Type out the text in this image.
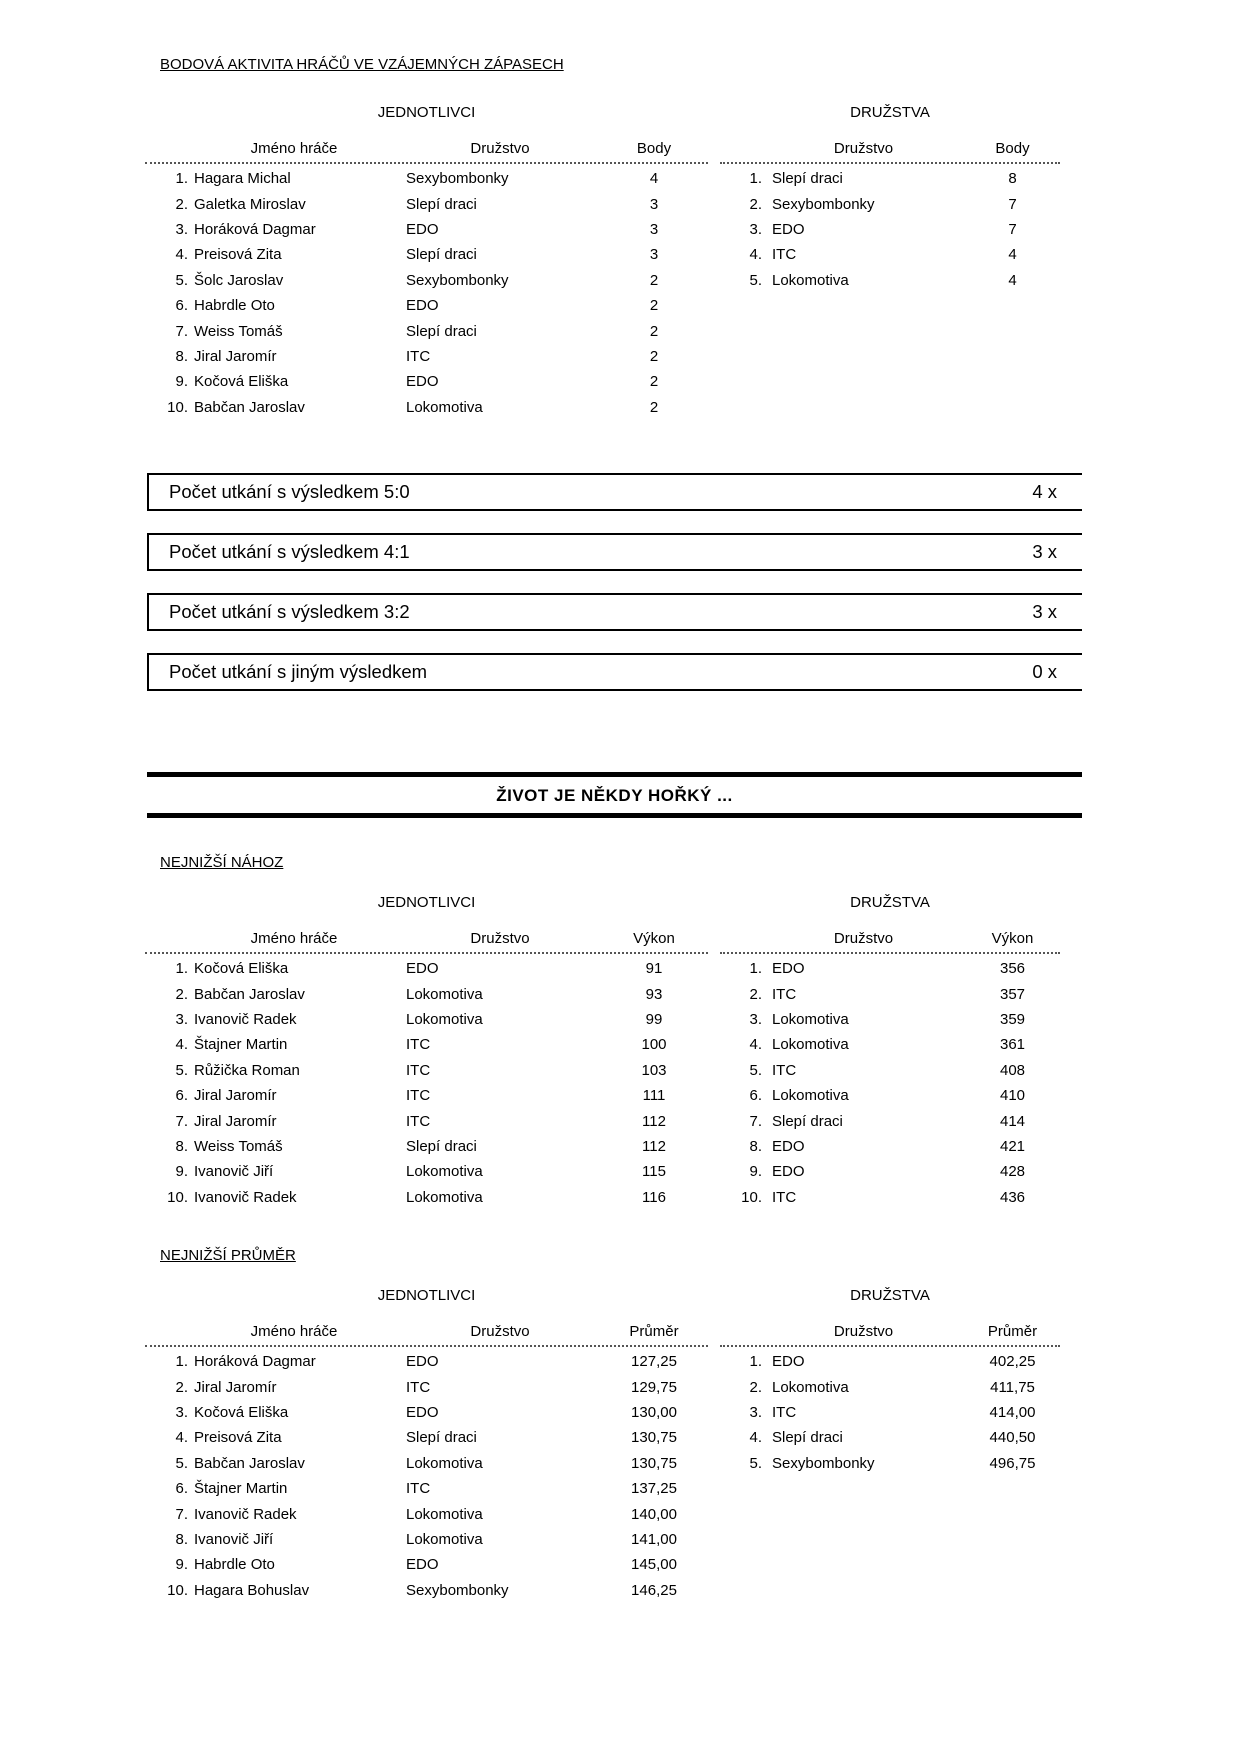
BODOVÁ AKTIVITA HRÁČŮ VE VZÁJEMNÝCH ZÁPASECH
JEDNOTLIVCI
Jméno hráče	Družstvo	Body
1. Hagara Michal	Sexybombonky	4
2. Galetka Miroslav	Slepí draci	3
3. Horáková Dagmar	EDO	3
4. Preisová Zita	Slepí draci	3
5. Šolc Jaroslav	Sexybombonky	2
6. Habrdle Oto	EDO	2
7. Weiss Tomáš	Slepí draci	2
8. Jiral Jaromír	ITC	2
9. Kočová Eliška	EDO	2
10. Babčan Jaroslav	Lokomotiva	2
DRUŽSTVA
Družstvo	Body
1. Slepí draci	8
2. Sexybombonky	7
3. EDO	7
4. ITC	4
5. Lokomotiva	4
Počet utkání s výsledkem 5:0	4 x
Počet utkání s výsledkem 4:1	3 x
Počet utkání s výsledkem 3:2	3 x
Počet utkání s jiným výsledkem	0 x
ŽIVOT JE NĚKDY HOŘKÝ ...
NEJNIŽŠÍ NÁHOZ
JEDNOTLIVCI
Jméno hráče	Družstvo	Výkon
1. Kočová Eliška	EDO	91
2. Babčan Jaroslav	Lokomotiva	93
3. Ivanovič Radek	Lokomotiva	99
4. Štajner Martin	ITC	100
5. Růžička Roman	ITC	103
6. Jiral Jaromír	ITC	111
7. Jiral Jaromír	ITC	112
8. Weiss Tomáš	Slepí draci	112
9. Ivanovič Jiří	Lokomotiva	115
10. Ivanovič Radek	Lokomotiva	116
DRUŽSTVA
Družstvo	Výkon
1. EDO	356
2. ITC	357
3. Lokomotiva	359
4. Lokomotiva	361
5. ITC	408
6. Lokomotiva	410
7. Slepí draci	414
8. EDO	421
9. EDO	428
10. ITC	436
NEJNIŽŠÍ PRŮMĚR
JEDNOTLIVCI
Jméno hráče	Družstvo	Průměr
1. Horáková Dagmar	EDO	127,25
2. Jiral Jaromír	ITC	129,75
3. Kočová Eliška	EDO	130,00
4. Preisová Zita	Slepí draci	130,75
5. Babčan Jaroslav	Lokomotiva	130,75
6. Štajner Martin	ITC	137,25
7. Ivanovič Radek	Lokomotiva	140,00
8. Ivanovič Jiří	Lokomotiva	141,00
9. Habrdle Oto	EDO	145,00
10. Hagara Bohuslav	Sexybombonky	146,25
DRUŽSTVA
Družstvo	Průměr
1. EDO	402,25
2. Lokomotiva	411,75
3. ITC	414,00
4. Slepí draci	440,50
5. Sexybombonky	496,75
